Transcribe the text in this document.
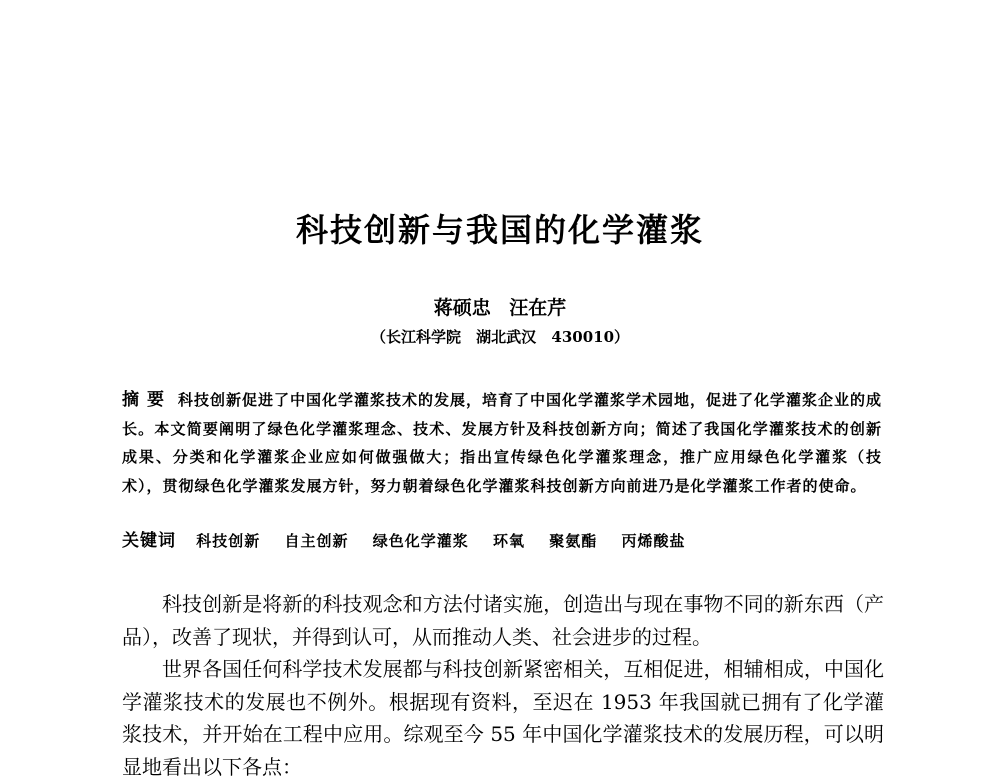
科技创新与我国的化学灌浆
蒋硕忠 汪在芹
（长江科学院 湖北武汉 430010）
摘要 科技创新促进了中国化学灌浆技术的发展，培育了中国化学灌浆学术园地，促进了化学灌浆企业的成长。本文简要阐明了绿色化学灌浆理念、技术、发展方针及科技创新方向；简述了我国化学灌浆技术的创新成果、分类和化学灌浆企业应如何做强做大；指出宣传绿色化学灌浆理念，推广应用绿色化学灌浆（技术），贯彻绿色化学灌浆发展方针，努力朝着绿色化学灌浆科技创新方向前进乃是化学灌浆工作者的使命。
关键词 科技创新 自主创新 绿色化学灌浆 环氧 聚氨酯 丙烯酸盐

科技创新是将新的科技观念和方法付诸实施，创造出与现在事物不同的新东西（产品），改善了现状，并得到认可，从而推动人类、社会进步的过程。

世界各国任何科学技术发展都与科技创新紧密相关，互相促进，相辅相成，中国化学灌浆技术的发展也不例外。根据现有资料，至迟在 1953 年我国就已拥有了化学灌浆技术，并开始在工程中应用。综观至今 55 年中国化学灌浆技术的发展历程，可以明显地看出以下各点：
